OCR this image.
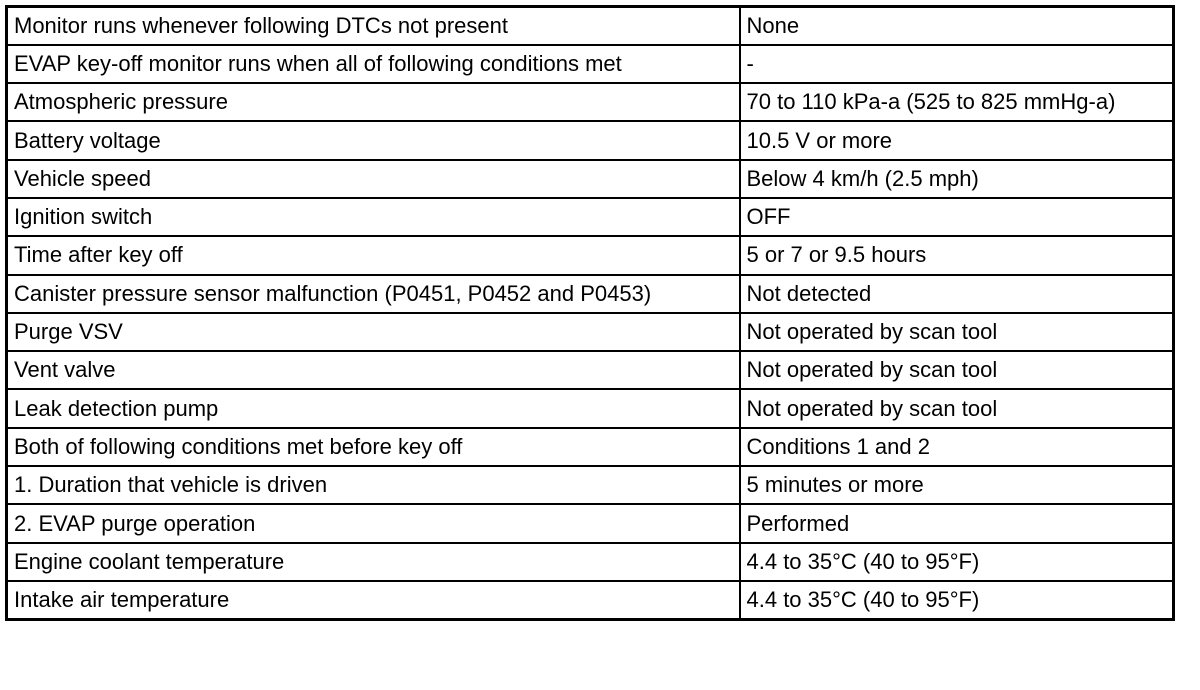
Monitor runs whenever following DTCs not present	None
EVAP key-off monitor runs when all of following conditions met	-
Atmospheric pressure	70 to 110 kPa-a (525 to 825 mmHg-a)
Battery voltage	10.5 V or more
Vehicle speed	Below 4 km/h (2.5 mph)
Ignition switch	OFF
Time after key off	5 or 7 or 9.5 hours
Canister pressure sensor malfunction (P0451, P0452 and P0453)	Not detected
Purge VSV	Not operated by scan tool
Vent valve	Not operated by scan tool
Leak detection pump	Not operated by scan tool
Both of following conditions met before key off	Conditions 1 and 2
1. Duration that vehicle is driven	5 minutes or more
2. EVAP purge operation	Performed
Engine coolant temperature	4.4 to 35°C (40 to 95°F)
Intake air temperature	4.4 to 35°C (40 to 95°F)
